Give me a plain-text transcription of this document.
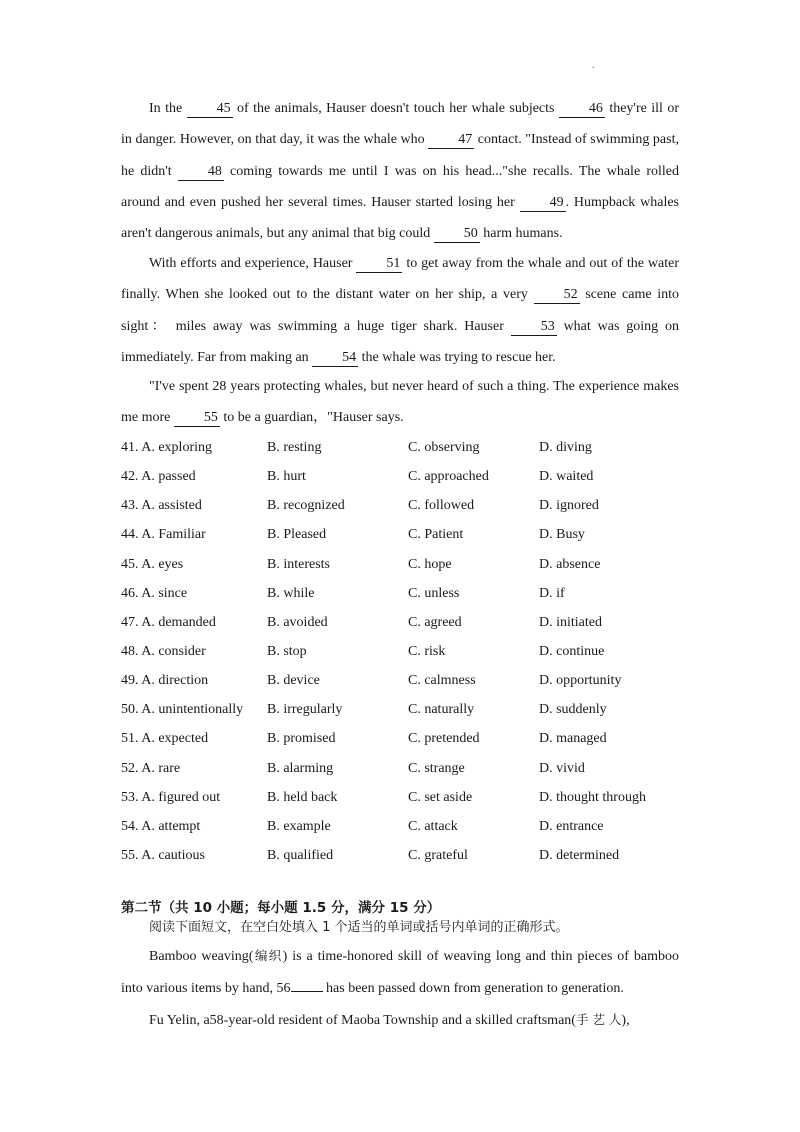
.

In the 45 of the animals, Hauser doesn't touch her whale subjects 46 they're ill or in danger. However, on that day, it was the whale who 47 contact. "Instead of swimming past, he didn't 48 coming towards me until I was on his head..."she recalls. The whale rolled around and even pushed her several times. Hauser started losing her 49 . Humpback whales aren't dangerous animals, but any animal that big could 50 harm humans.

With efforts and experience, Hauser 51 to get away from the whale and out of the water finally. When she looked out to the distant water on her ship, a very 52 scene came into sight： miles away was swimming a huge tiger shark. Hauser 53 what was going on immediately. Far from making an 54 the whale was trying to rescue her.

"I've spent 28 years protecting whales, but never heard of such a thing. The experience makes me more 55 to be a guardian，"Hauser says.

41. A. exploring	B. resting	C. observing	D. diving
42. A. passed	B. hurt	C. approached	D. waited
43. A. assisted	B. recognized	C. followed	D. ignored
44. A. Familiar	B. Pleased	C. Patient	D. Busy
45. A. eyes	B. interests	C. hope	D. absence
46. A. since	B. while	C. unless	D. if
47. A. demanded	B. avoided	C. agreed	D. initiated
48. A. consider	B. stop	C. risk	D. continue
49. A. direction	B. device	C. calmness	D. opportunity
50. A. unintentionally B. irregularly	C. naturally	D. suddenly
51. A. expected	B. promised	C. pretended	D. managed
52. A. rare	B. alarming	C. strange	D. vivid
53. A. figured out	B. held back	C. set aside	D. thought through
54. A. attempt	B. example	C. attack	D. entrance
55. A. cautious	B. qualified	C. grateful	D. determined
第二节（共 10 小题；每小题 1.5 分，满分 15 分）
阅读下面短文，在空白处填入 1 个适当的单词或括号内单词的正确形式。

Bamboo weaving(编织) is a time-honored skill of weaving long and thin pieces of bamboo into various items by hand, 56 has been passed down from generation to generation.

Fu Yelin, a58-year-old resident of Maoba Township and a skilled craftsman(手 艺 人),
